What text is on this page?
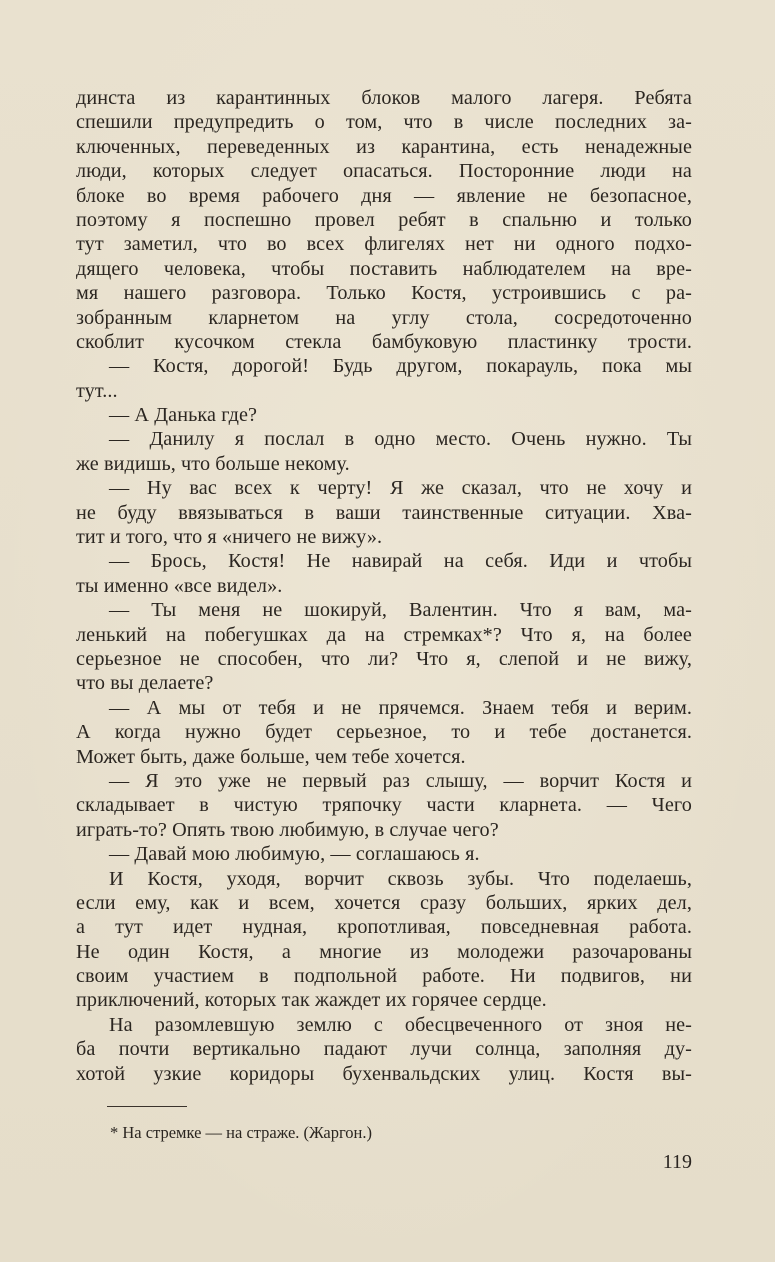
динста из карантинных блоков малого лагеря. Ребята
спешили предупредить о том, что в числе последних за-
ключенных, переведенных из карантина, есть ненадежные
люди, которых следует опасаться. Посторонние люди на
блоке во время рабочего дня — явление не безопасное,
поэтому я поспешно провел ребят в спальню и только
тут заметил, что во всех флигелях нет ни одного подхо-
дящего человека, чтобы поставить наблюдателем на вре-
мя нашего разговора. Только Костя, устроившись с ра-
зобранным кларнетом на углу стола, сосредоточенно
скоблит кусочком стекла бамбуковую пластинку трости.
— Костя, дорогой! Будь другом, покарауль, пока мы
тут...
— А Данька где?
— Данилу я послал в одно место. Очень нужно. Ты
же видишь, что больше некому.
— Ну вас всех к черту! Я же сказал, что не хочу и
не буду ввязываться в ваши таинственные ситуации. Хва-
тит и того, что я «ничего не вижу».
— Брось, Костя! Не навирай на себя. Иди и чтобы
ты именно «все видел».
— Ты меня не шокируй, Валентин. Что я вам, ма-
ленький на побегушках да на стремках*? Что я, на более
серьезное не способен, что ли? Что я, слепой и не вижу,
что вы делаете?
— А мы от тебя и не прячемся. Знаем тебя и верим.
А когда нужно будет серьезное, то и тебе достанется.
Может быть, даже больше, чем тебе хочется.
— Я это уже не первый раз слышу, — ворчит Костя и
складывает в чистую тряпочку части кларнета. — Чего
играть-то? Опять твою любимую, в случае чего?
— Давай мою любимую, — соглашаюсь я.
И Костя, уходя, ворчит сквозь зубы. Что поделаешь,
если ему, как и всем, хочется сразу больших, ярких дел,
а тут идет нудная, кропотливая, повседневная работа.
Не один Костя, а многие из молодежи разочарованы
своим участием в подпольной работе. Ни подвигов, ни
приключений, которых так жаждет их горячее сердце.
На разомлевшую землю с обесцвеченного от зноя не-
ба почти вертикально падают лучи солнца, заполняя ду-
хотой узкие коридоры бухенвальдских улиц. Костя вы-
* На стремке — на страже. (Жаргон.)
119
